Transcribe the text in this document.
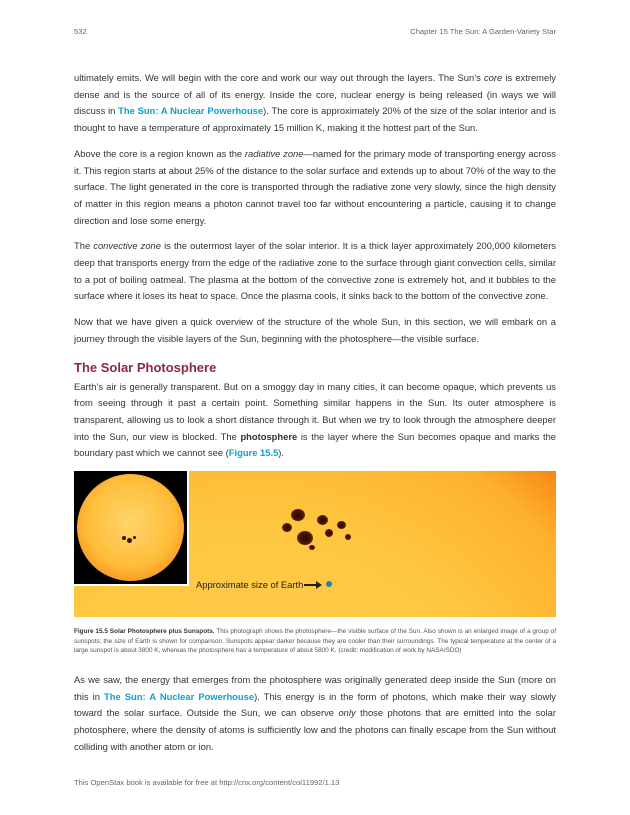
532	Chapter 15 The Sun: A Garden-Variety Star

ultimately emits. We will begin with the core and work our way out through the layers. The Sun’s core is extremely dense and is the source of all of its energy. Inside the core, nuclear energy is being released (in ways we will discuss in The Sun: A Nuclear Powerhouse). The core is approximately 20% of the size of the solar interior and is thought to have a temperature of approximately 15 million K, making it the hottest part of the Sun.

Above the core is a region known as the radiative zone—named for the primary mode of transporting energy across it. This region starts at about 25% of the distance to the solar surface and extends up to about 70% of the way to the surface. The light generated in the core is transported through the radiative zone very slowly, since the high density of matter in this region means a photon cannot travel too far without encountering a particle, causing it to change direction and lose some energy.

The convective zone is the outermost layer of the solar interior. It is a thick layer approximately 200,000 kilometers deep that transports energy from the edge of the radiative zone to the surface through giant convection cells, similar to a pot of boiling oatmeal. The plasma at the bottom of the convective zone is extremely hot, and it bubbles to the surface where it loses its heat to space. Once the plasma cools, it sinks back to the bottom of the convective zone.

Now that we have given a quick overview of the structure of the whole Sun, in this section, we will embark on a journey through the visible layers of the Sun, beginning with the photosphere—the visible surface.

The Solar Photosphere

Earth’s air is generally transparent. But on a smoggy day in many cities, it can become opaque, which prevents us from seeing through it past a certain point. Something similar happens in the Sun. Its outer atmosphere is transparent, allowing us to look a short distance through it. But when we try to look through the atmosphere deeper into the Sun, our view is blocked. The photosphere is the layer where the Sun becomes opaque and marks the boundary past which we cannot see (Figure 15.5).

Approximate size of Earth

Figure 15.5 Solar Photosphere plus Sunspots. This photograph shows the photosphere—the visible surface of the Sun. Also shown is an enlarged image of a group of sunspots; the size of Earth is shown for comparison. Sunspots appear darker because they are cooler than their surroundings. The typical temperature at the center of a large sunspot is about 3800 K, whereas the photosphere has a temperature of about 5800 K. (credit: modification of work by NASA/SDO)

As we saw, the energy that emerges from the photosphere was originally generated deep inside the Sun (more on this in The Sun: A Nuclear Powerhouse). This energy is in the form of photons, which make their way slowly toward the solar surface. Outside the Sun, we can observe only those photons that are emitted into the solar photosphere, where the density of atoms is sufficiently low and the photons can finally escape from the Sun without colliding with another atom or ion.

This OpenStax book is available for free at http://cnx.org/content/col11992/1.13
